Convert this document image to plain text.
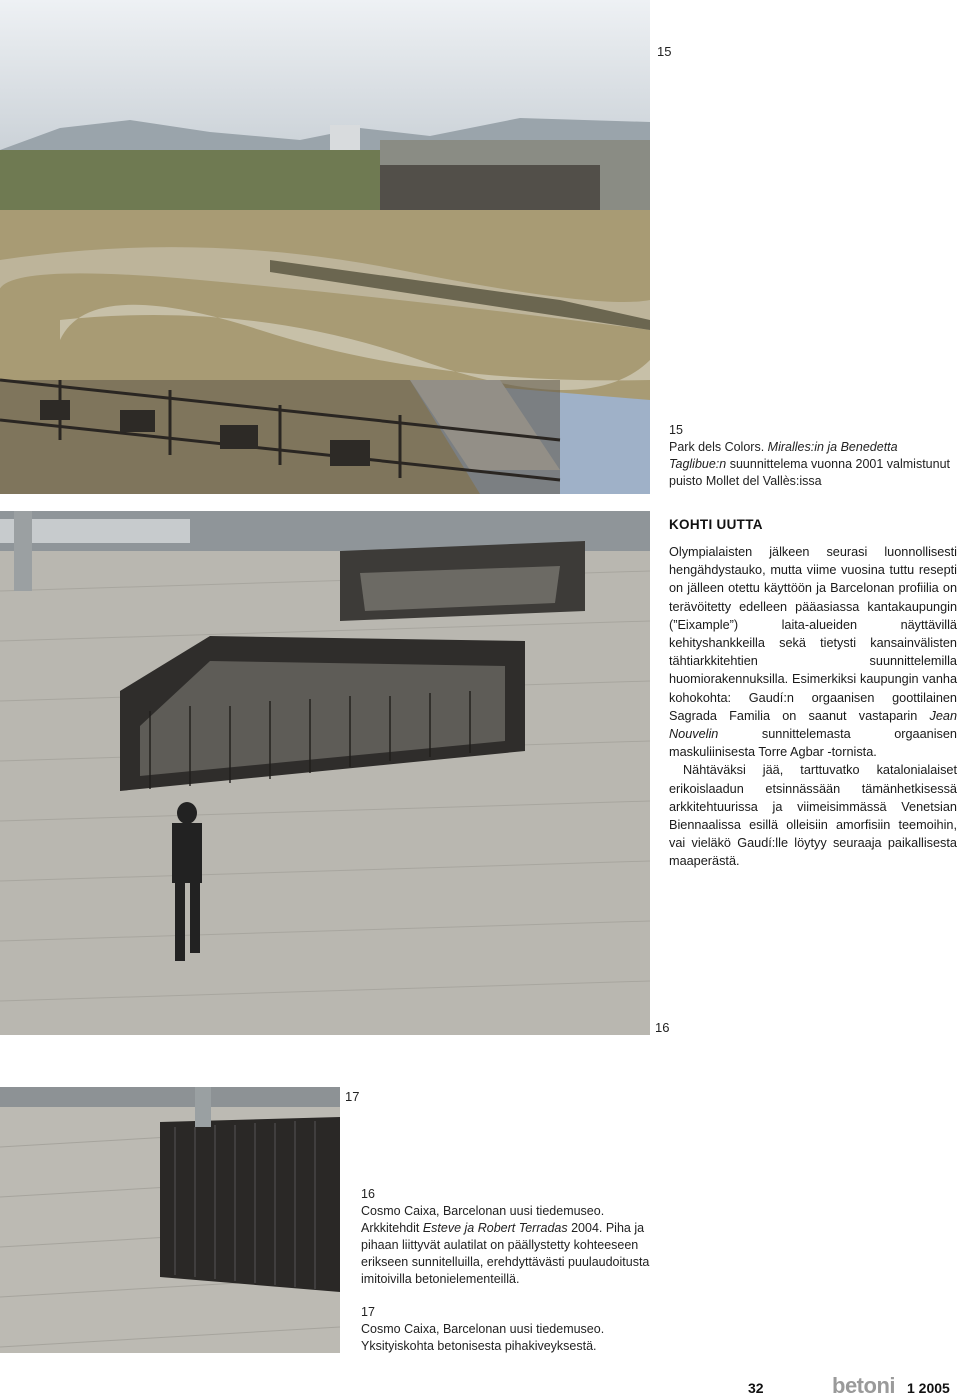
15
15
Park dels Colors. Miralles:in ja Benedetta Taglibue:n suunnittelema vuonna 2001 valmistunut puisto Mollet del Vallès:issa
16
KOHTI UUTTA

Olympialaisten jälkeen seurasi luonnollisesti hengähdystauko, mutta viime vuosina tuttu resepti on jälleen otettu käyttöön ja Barcelonan profiilia on terävöitetty edelleen pääasiassa kantakaupungin (”Eixample”) laita-alueiden näyttävillä kehityshankkeilla sekä tietysti kansainvälisten tähtiarkkitehtien suunnittelemilla huomiorakennuksilla. Esimerkiksi kaupungin vanha kohokohta: Gaudí:n orgaanisen goottilainen Sagrada Familia on saanut vastaparin Jean Nouvelin sunnittelemasta orgaanisen maskuliinisesta Torre Agbar -tornista.

Nähtäväksi jää, tarttuvatko katalonialaiset erikoislaadun etsinnässään tämänhetkisessä arkkitehtuurissa ja viimeisimmässä Venetsian Biennaalissa esillä olleisiin amorfisiin teemoihin, vai vieläkö Gaudí:lle löytyy seuraaja paikallisesta maaperästä.

17
16
Cosmo Caixa, Barcelonan uusi tiedemuseo. Arkkitehdit Esteve ja Robert Terradas 2004. Piha ja pihaan liittyvät aulatilat on päällystetty kohteeseen erikseen sunnitelluilla, erehdyttävästi puulaudoitusta imitoivilla betonielementeillä.
17
Cosmo Caixa, Barcelonan uusi tiedemuseo. Yksityiskohta betonisesta pihakiveyksestä.
32	betoni 1 2005
